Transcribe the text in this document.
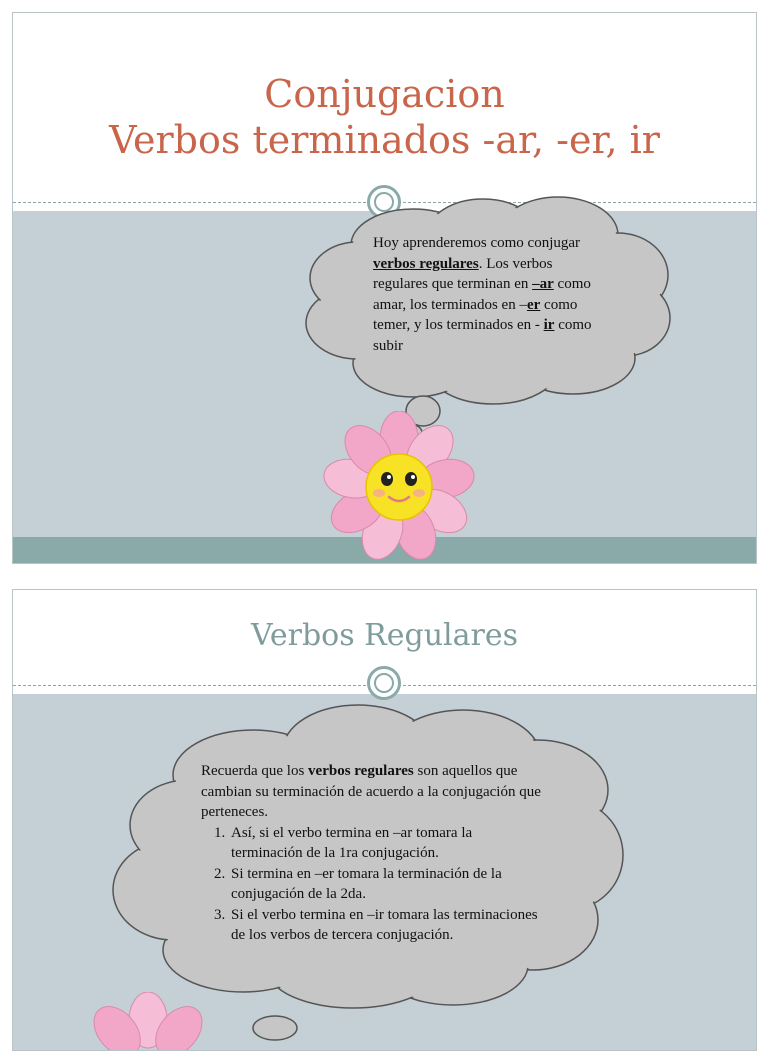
Conjugacion
Verbos terminados -ar, -er, ir
Hoy aprenderemos como conjugar verbos regulares. Los verbos regulares que terminan en –ar como amar, los terminados en –er como temer, y los terminados en - ir como subir
Verbos Regulares
Recuerda que los verbos regulares son aquellos que cambian su terminación de acuerdo a la conjugación que perteneces.
1. Así, si el verbo termina en –ar tomara la terminación de la 1ra conjugación.
2. Si termina en –er tomara la terminación de la conjugación de la 2da.
3. Si el verbo termina en –ir tomara las terminaciones de los verbos de tercera conjugación.
